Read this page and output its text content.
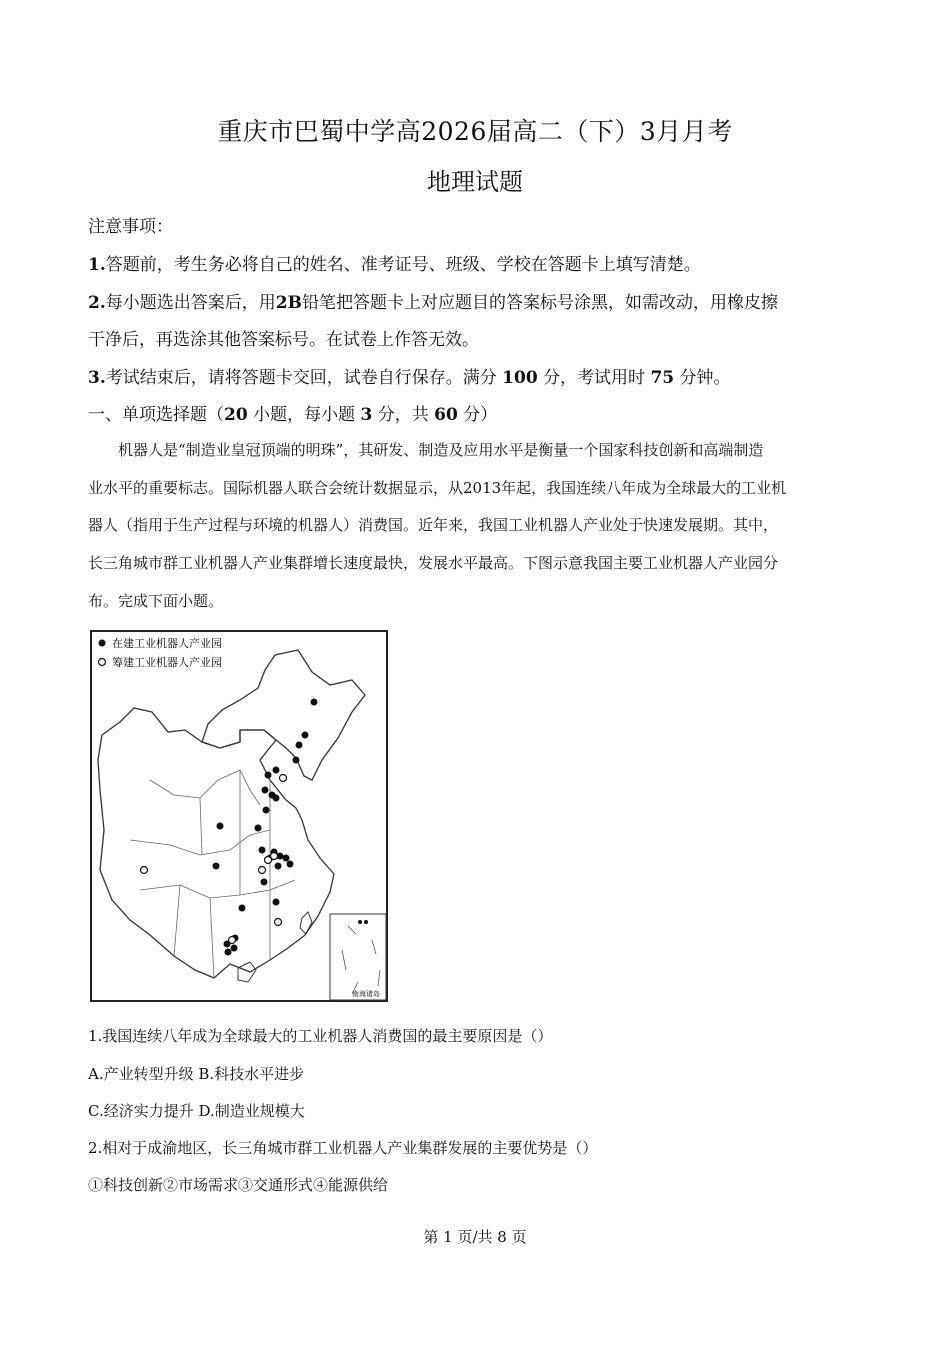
重庆市巴蜀中学高2026届高二（下）3月月考
地理试题
注意事项：
1.答题前，考生务必将自己的姓名、准考证号、班级、学校在答题卡上填写清楚。
2.每小题选出答案后，用2B铅笔把答题卡上对应题目的答案标号涂黑，如需改动，用橡皮擦
干净后，再选涂其他答案标号。在试卷上作答无效。
3.考试结束后，请将答题卡交回，试卷自行保存。满分 100 分，考试用时 75 分钟。
一、单项选择题（20 小题，每小题 3 分，共 60 分）
机器人是“制造业皇冠顶端的明珠”，其研发、制造及应用水平是衡量一个国家科技创新和高端制造
业水平的重要标志。国际机器人联合会统计数据显示，从2013年起，我国连续八年成为全球最大的工业机
器人（指用于生产过程与环境的机器人）消费国。近年来，我国工业机器人产业处于快速发展期。其中，
长三角城市群工业机器人产业集群增长速度最快，发展水平最高。下图示意我国主要工业机器人产业园分
布。完成下面小题。
在建工业机器人产业园
筹建工业机器人产业园
南海诸岛
1.我国连续八年成为全球最大的工业机器人消费国的最主要原因是（）
A.产业转型升级 B.科技水平进步
C.经济实力提升 D.制造业规模大
2.相对于成渝地区，长三角城市群工业机器人产业集群发展的主要优势是（）
①科技创新②市场需求③交通形式④能源供给
第 1 页/共 8 页
